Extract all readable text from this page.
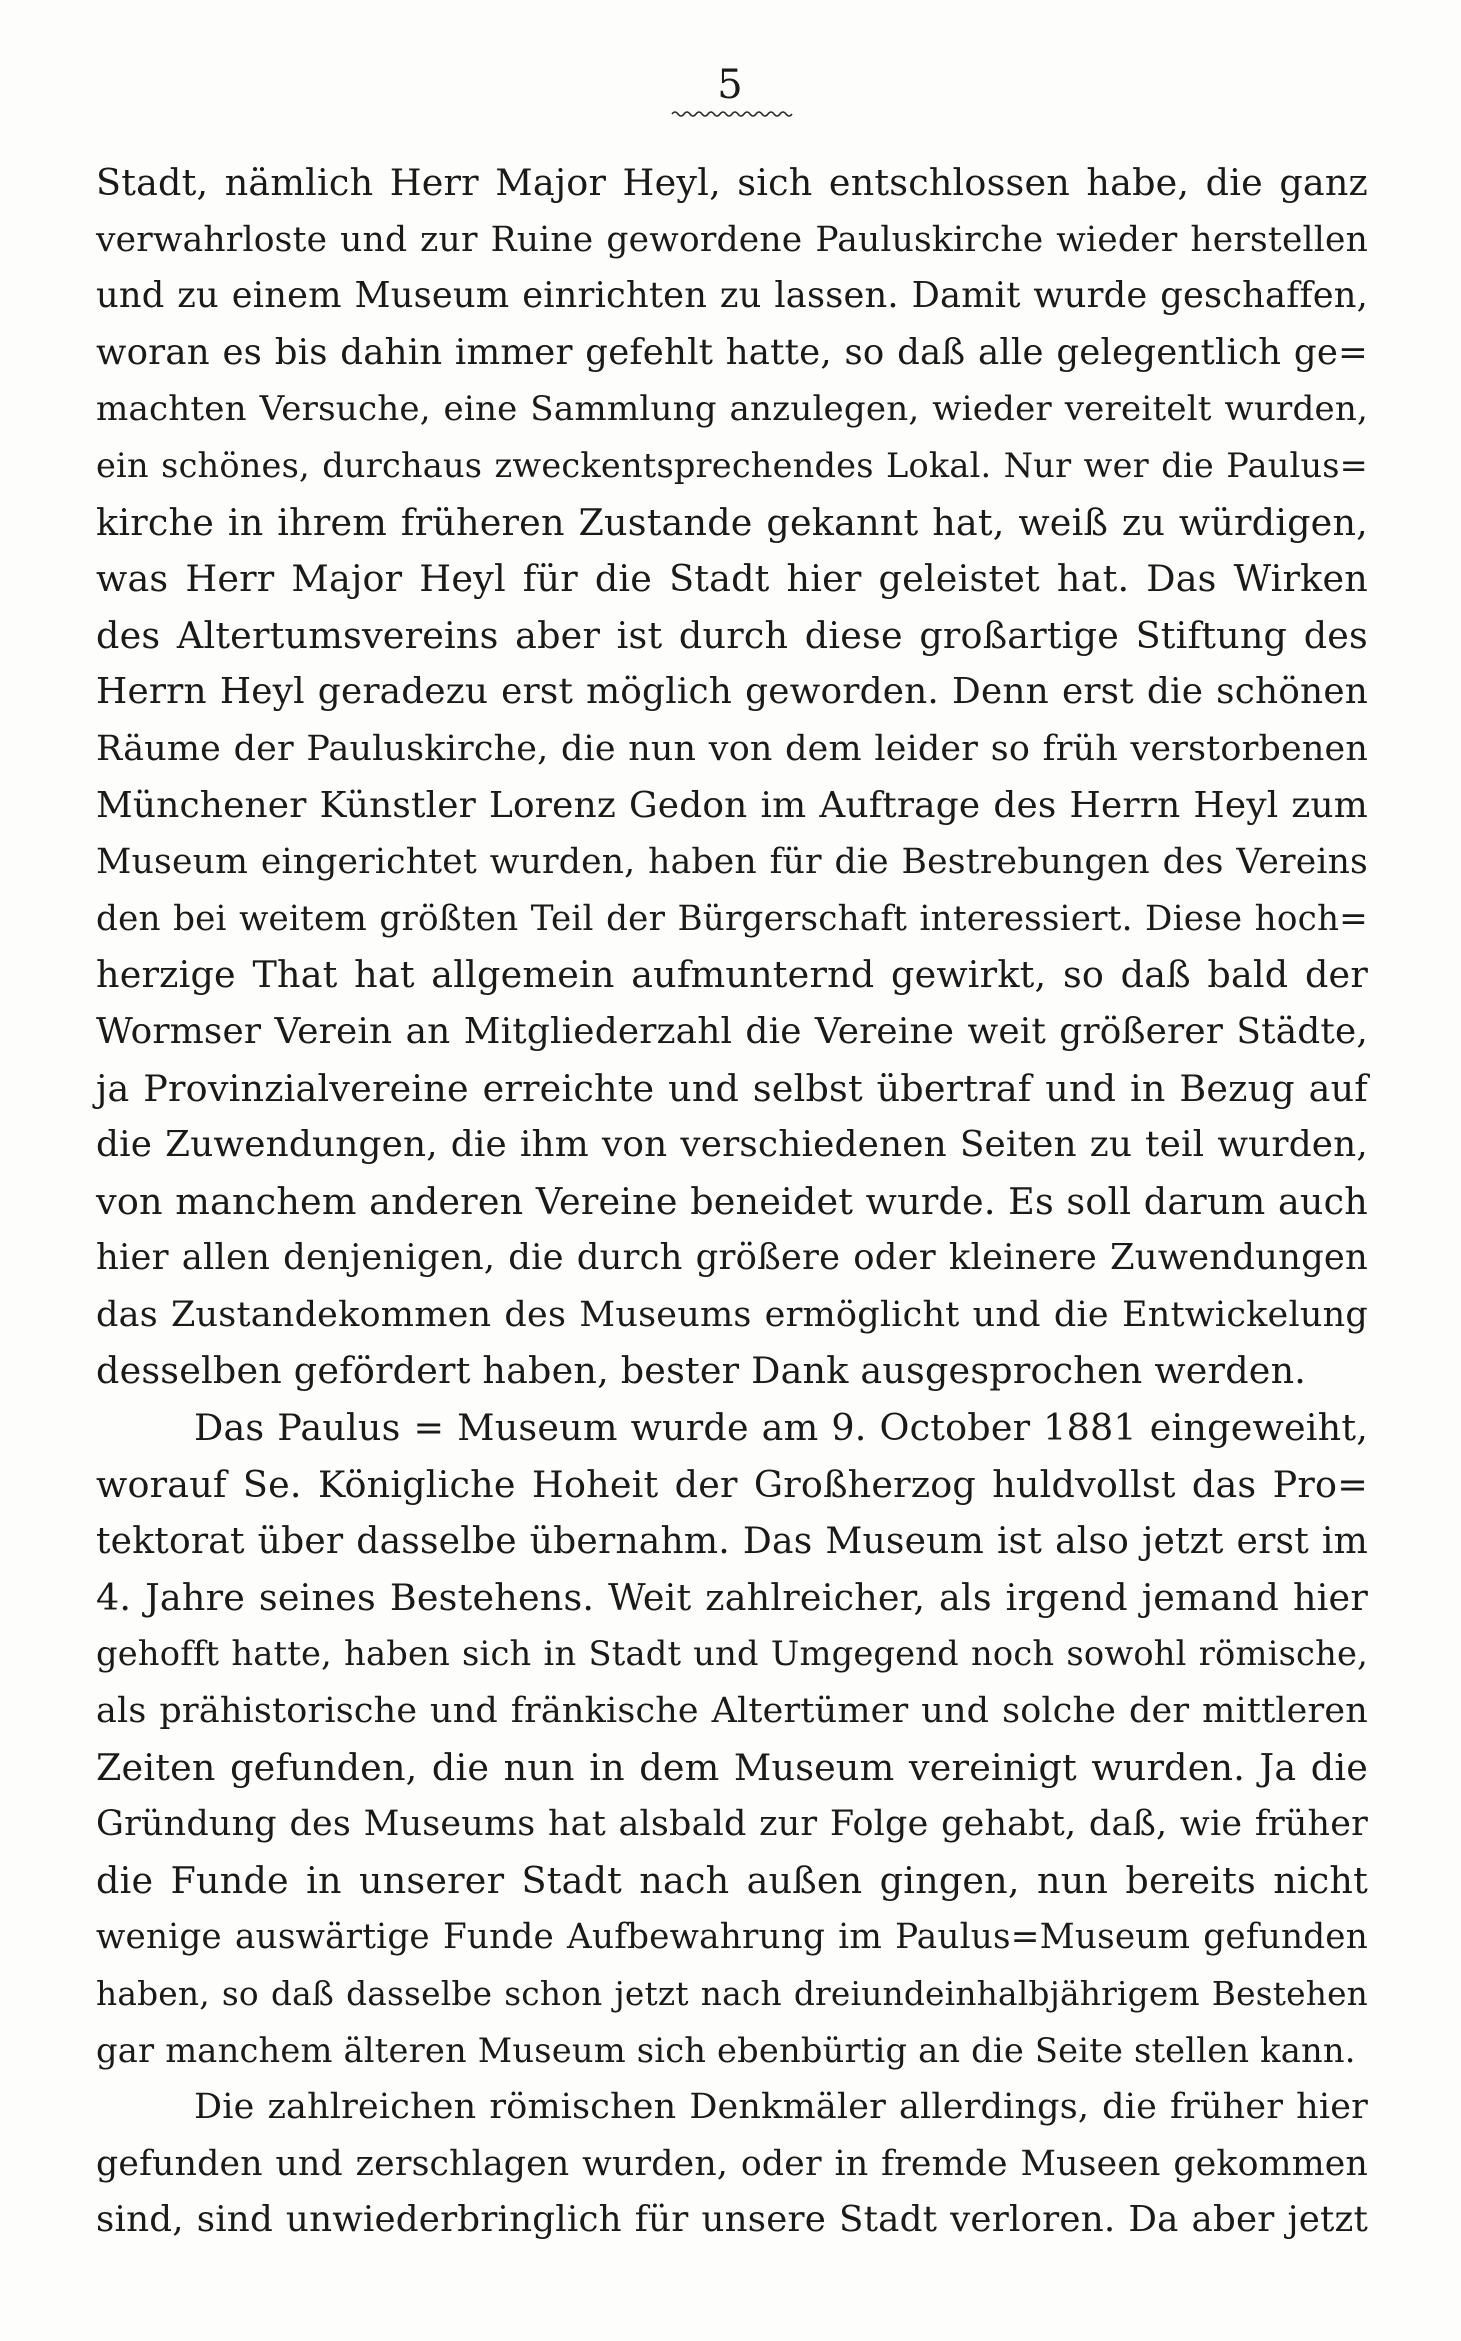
5
Stadt, nämlich Herr Major Heyl, sich entschlossen habe, die ganz
verwahrloste und zur Ruine gewordene Pauluskirche wieder herstellen
und zu einem Museum einrichten zu lassen. Damit wurde geschaffen,
woran es bis dahin immer gefehlt hatte, so daß alle gelegentlich ge=
machten Versuche, eine Sammlung anzulegen, wieder vereitelt wurden,
ein schönes, durchaus zweckentsprechendes Lokal. Nur wer die Paulus=
kirche in ihrem früheren Zustande gekannt hat, weiß zu würdigen,
was Herr Major Heyl für die Stadt hier geleistet hat. Das Wirken
des Altertumsvereins aber ist durch diese großartige Stiftung des
Herrn Heyl geradezu erst möglich geworden. Denn erst die schönen
Räume der Pauluskirche, die nun von dem leider so früh verstorbenen
Münchener Künstler Lorenz Gedon im Auftrage des Herrn Heyl zum
Museum eingerichtet wurden, haben für die Bestrebungen des Vereins
den bei weitem größten Teil der Bürgerschaft interessiert. Diese hoch=
herzige That hat allgemein aufmunternd gewirkt, so daß bald der
Wormser Verein an Mitgliederzahl die Vereine weit größerer Städte,
ja Provinzialvereine erreichte und selbst übertraf und in Bezug auf
die Zuwendungen, die ihm von verschiedenen Seiten zu teil wurden,
von manchem anderen Vereine beneidet wurde. Es soll darum auch
hier allen denjenigen, die durch größere oder kleinere Zuwendungen
das Zustandekommen des Museums ermöglicht und die Entwickelung
desselben gefördert haben, bester Dank ausgesprochen werden.
Das Paulus = Museum wurde am 9. October 1881 eingeweiht,
worauf Se. Königliche Hoheit der Großherzog huldvollst das Pro=
tektorat über dasselbe übernahm. Das Museum ist also jetzt erst im
4. Jahre seines Bestehens. Weit zahlreicher, als irgend jemand hier
gehofft hatte, haben sich in Stadt und Umgegend noch sowohl römische,
als prähistorische und fränkische Altertümer und solche der mittleren
Zeiten gefunden, die nun in dem Museum vereinigt wurden. Ja die
Gründung des Museums hat alsbald zur Folge gehabt, daß, wie früher
die Funde in unserer Stadt nach außen gingen, nun bereits nicht
wenige auswärtige Funde Aufbewahrung im Paulus=Museum gefunden
haben, so daß dasselbe schon jetzt nach dreiundeinhalbjährigem Bestehen
gar manchem älteren Museum sich ebenbürtig an die Seite stellen kann.
Die zahlreichen römischen Denkmäler allerdings, die früher hier
gefunden und zerschlagen wurden, oder in fremde Museen gekommen
sind, sind unwiederbringlich für unsere Stadt verloren. Da aber jetzt
